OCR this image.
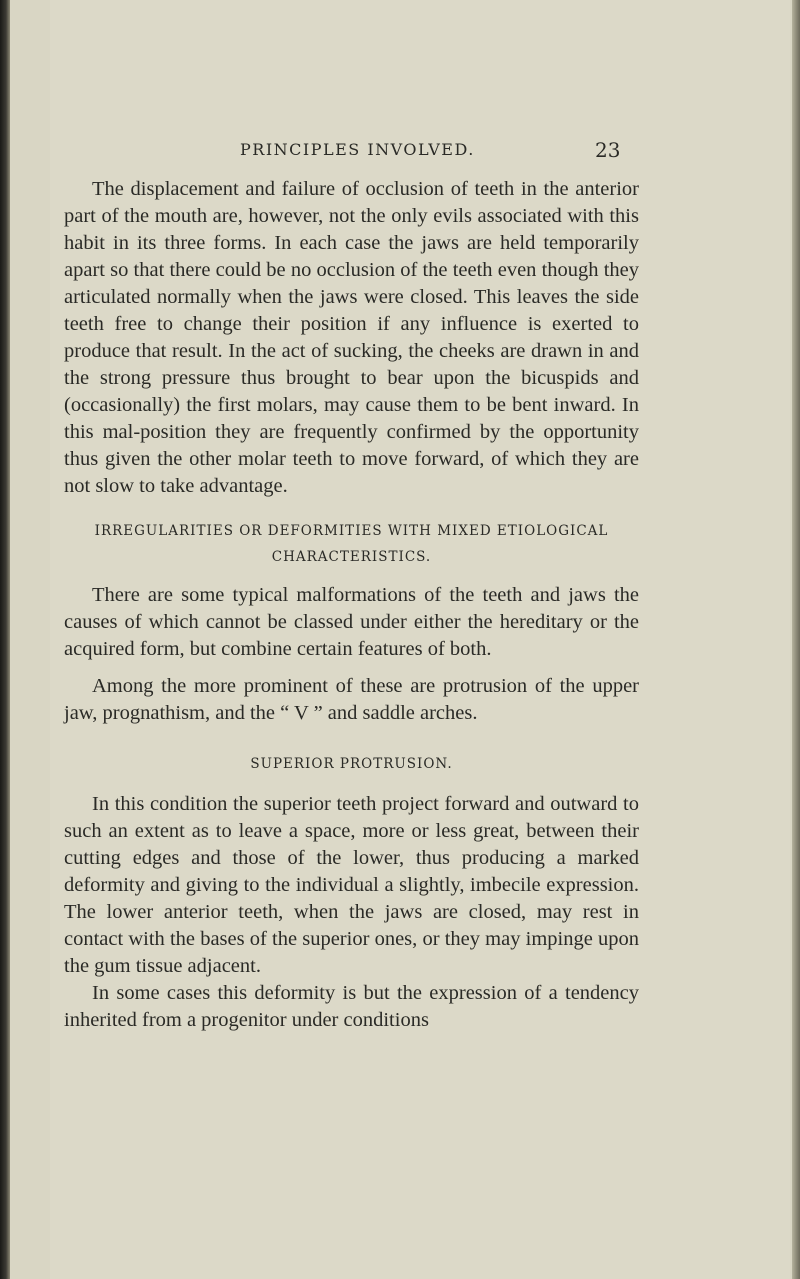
PRINCIPLES INVOLVED.	23

The displacement and failure of occlusion of teeth in the anterior part of the mouth are, however, not the only evils associated with this habit in its three forms. In each case the jaws are held temporarily apart so that there could be no occlusion of the teeth even though they articulated normally when the jaws were closed. This leaves the side teeth free to change their position if any influence is exerted to produce that result. In the act of sucking, the cheeks are drawn in and the strong pressure thus brought to bear upon the bicuspids and (occasionally) the first molars, may cause them to be bent inward. In this mal-position they are frequently confirmed by the opportunity thus given the other molar teeth to move forward, of which they are not slow to take advantage.

IRREGULARITIES OR DEFORMITIES WITH MIXED ETIOLOGICAL
CHARACTERISTICS.

There are some typical malformations of the teeth and jaws the causes of which cannot be classed under either the hereditary or the acquired form, but combine certain features of both.

Among the more prominent of these are protrusion of the upper jaw, prognathism, and the “ V ” and saddle arches.

SUPERIOR PROTRUSION.

In this condition the superior teeth project forward and outward to such an extent as to leave a space, more or less great, between their cutting edges and those of the lower, thus producing a marked deformity and giving to the individual a slightly, imbecile expression. The lower anterior teeth, when the jaws are closed, may rest in contact with the bases of the superior ones, or they may impinge upon the gum tissue adjacent.

In some cases this deformity is but the expression of a tendency inherited from a progenitor under conditions
